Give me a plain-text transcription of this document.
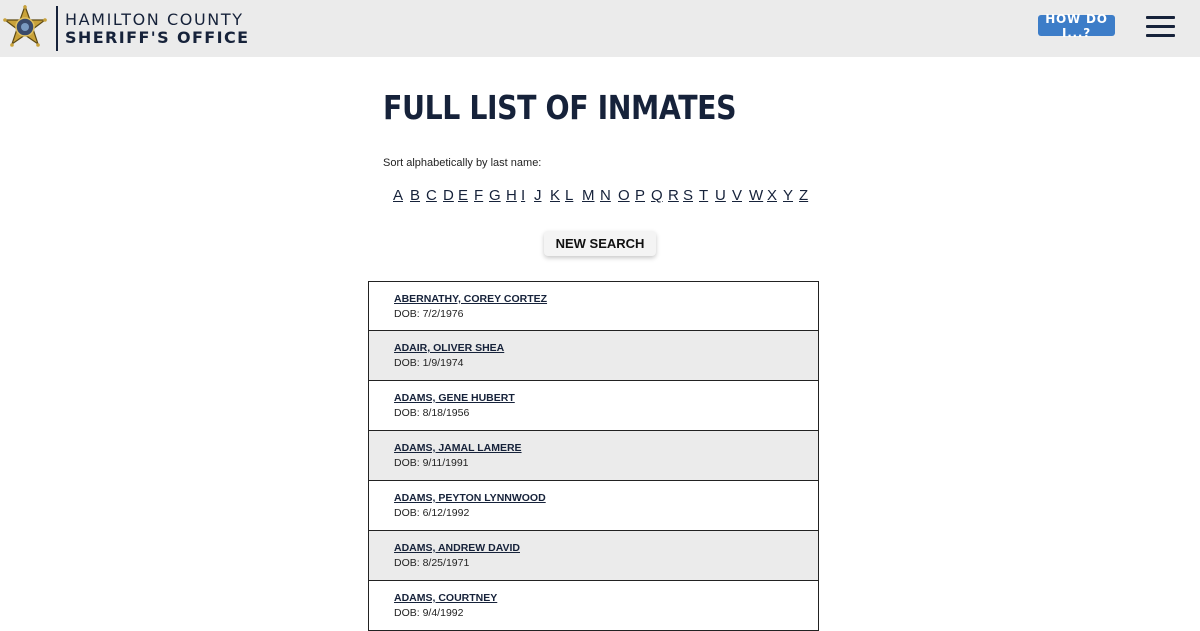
HAMILTON COUNTY
SHERIFF'S OFFICE
HOW DO I...?
FULL LIST OF INMATES
Sort alphabetically by last name:
A B C D E F G H I J K L M N O P Q R S T U V W X Y Z
NEW SEARCH
ABERNATHY, COREY CORTEZ
DOB: 7/2/1976
ADAIR, OLIVER SHEA
DOB: 1/9/1974
ADAMS, GENE HUBERT
DOB: 8/18/1956
ADAMS, JAMAL LAMERE
DOB: 9/11/1991
ADAMS, PEYTON LYNNWOOD
DOB: 6/12/1992
ADAMS, ANDREW DAVID
DOB: 8/25/1971
ADAMS, COURTNEY
DOB: 9/4/1992
